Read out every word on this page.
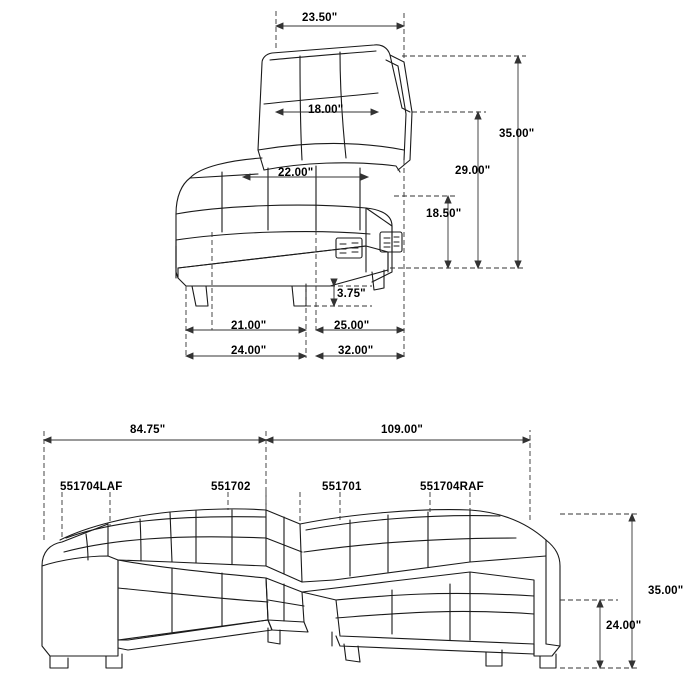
23.50"
18.00"
22.00"
35.00"
29.00"
18.50"
3.75"
21.00"	25.00"
24.00"	32.00"
84.75"	109.00"
35.00"
24.00"
551704LAF	551702	551701	551704RAF
